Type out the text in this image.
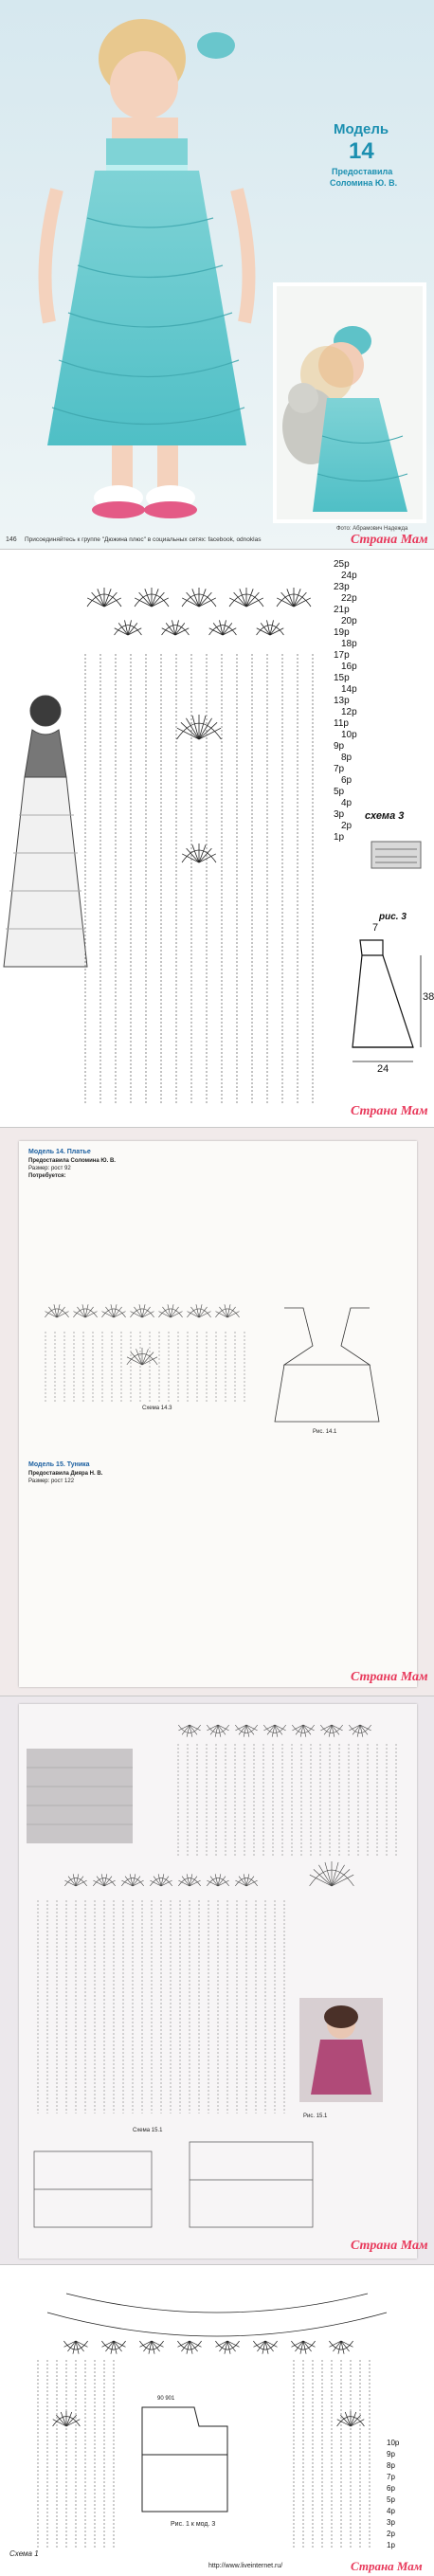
Модель
14
Предоставила
Соломина Ю. В.
Фото: Абрамович Надежда
146 Присоединяйтесь к группе "Дюжина плюс" в социальных сетях: facebook, odnoklas	Страна Мам
25р
24р
23р
22р
21р
20р
19р
18р
17р
16р
15р
14р
13р
12р
11р
10р
9р
8р
7р
6р
5р
4р
3р
2р
1р
схема 3
рис. 3
7
38
24
Страна Мам
Модель 14. Платье
Предоставила Соломина Ю. В.
Размер: рост 92
Потребуется:
Схема 14.3
Рис. 14.1
Модель 15. Туника
Предоставила Дияра Н. В.
Размер: рост 122
Страна Мам
Схема 15.1
Рис. 15.1
Страна Мам
10р
9р
8р
7р
6р
5р
4р
3р
2р
1р
90 901
Рис. 1 к мод. 3
Схема 1
http://www.liveinternet.ru/	Страна Мам
